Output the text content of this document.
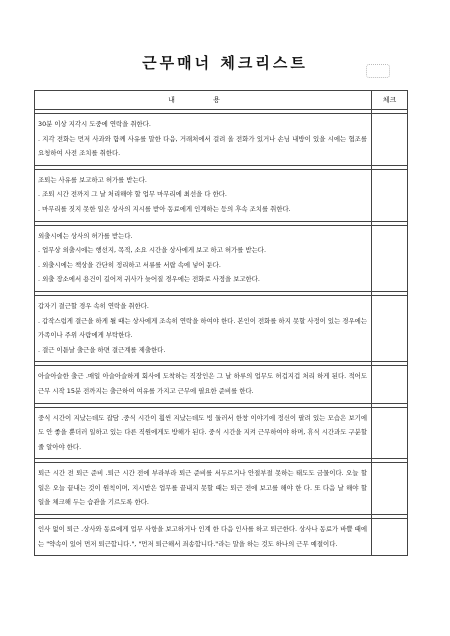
근무매너 체크리스트
내 용	체크

30분 이상 지각시 도중에 연락을 취한다.
. 지각 전화는 먼저 사과와 함께 사유를 말한 다음, 거래처에서 걸려 올 전화가 있거나 손님 내방이 있을 시에는 협조를 요청하여 사전 조치를 취한다.	

조퇴는 사유를 보고하고 허가를 받는다.
. 조퇴 시간 전까지 그 날 처리해야 할 업무 마무리에 최선을 다 한다.
. 마무리를 짓지 못한 일은 상사의 지시를 받아 동료에게 인계하는 등의 후속 조치를 취한다.	

외출시에는 상사의 허가를 받는다.
. 업무상 외출시에는 행선지, 목적, 소요 시간을 상사에게 보고 하고 허가를 받는다.
. 외출시에는 책상을 간단히 정리하고 서류를 서랍 속에 넣어 둔다.
. 외출 장소에서 용건이 길어져 귀사가 늦어질 경우에는 전화로 사정을 보고한다.	

갑자기 결근할 경우 속히 연락을 취한다.
. 갑작스럽게 결근을 하게 될 때는 상사에게 조속히 연락을 하여야 한다. 본인이 전화를 하지 못할 사정이 있는 경우에는 가족이나 주위 사람에게 부탁한다.
. 결근 이튿날 출근을 하면 결근계를 제출한다.	

아슬아슬한 출근 .매일 아슬아슬하게 회사에 도착하는 직장인은 그 날 하루의 업무도 허겁지겁 처리 하게 된다. 적어도 근무 시작 15분 전까지는 출근하여 여유를 가지고 근무에 필요한 준비를 한다.	

중식 시간이 지났는데도 잡담 .중식 시간이 훨씬 지났는데도 빙 둘러서 한창 이야기에 정신이 팔려 있는 모습은 보기에도 안 좋을 뿐더러 일하고 있는 다른 직원에게도 방해가 된다. 중식 시간을 지켜 근무하여야 하며, 휴식 시간과도 구분할 줄 알아야 한다.	

퇴근 시간 전 퇴근 준비 .퇴근 시간 전에 부라부라 퇴근 준비를 서두르거나 안절부절 못하는 태도도 금물이다. 오늘 할 일은 오늘 끝내는 것이 원칙이며, 지시받은 업무를 끝내지 못할 때는 퇴근 전에 보고를 해야 한 다. 또 다음 날 해야 할 일을 체크해 두는 습관을 기르도록 한다.	

인사 없이 퇴근 .상사와 동료에게 업무 사항을 보고하거나 인계 한 다음 인사를 하고 퇴근한다. 상사나 동료가 바쁠 때에는 "약속이 있어 먼저 퇴근합니다.", "먼저 퇴근해서 죄송합니다."라는 말을 하는 것도 하나의 근무 예절이다.	
